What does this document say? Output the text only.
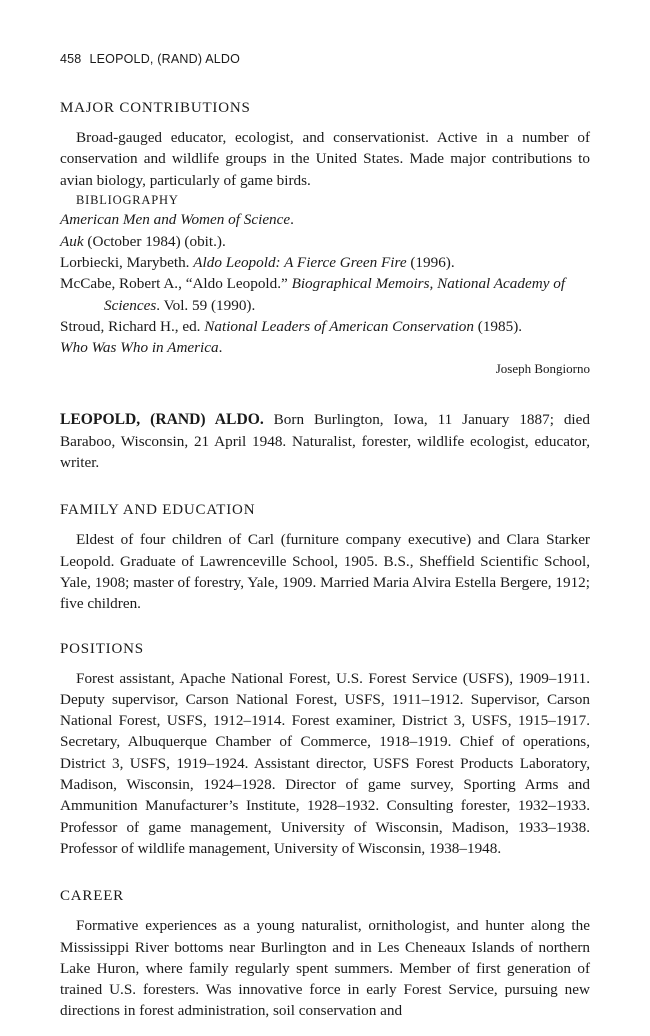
458 LEOPOLD, (RAND) ALDO
MAJOR CONTRIBUTIONS

Broad-gauged educator, ecologist, and conservationist. Active in a number of conservation and wildlife groups in the United States. Made major contributions to avian biology, particularly of game birds.

BIBLIOGRAPHY

American Men and Women of Science.

Auk (October 1984) (obit.).

Lorbiecki, Marybeth. Aldo Leopold: A Fierce Green Fire (1996).

McCabe, Robert A., “Aldo Leopold.” Biographical Memoirs, National Academy of Sciences. Vol. 59 (1990).

Stroud, Richard H., ed. National Leaders of American Conservation (1985).

Who Was Who in America.

Joseph Bongiorno

LEOPOLD, (RAND) ALDO. Born Burlington, Iowa, 11 January 1887; died Baraboo, Wisconsin, 21 April 1948. Naturalist, forester, wildlife ecologist, educator, writer.

FAMILY AND EDUCATION

Eldest of four children of Carl (furniture company executive) and Clara Starker Leopold. Graduate of Lawrenceville School, 1905. B.S., Sheffield Scientific School, Yale, 1908; master of forestry, Yale, 1909. Married Maria Alvira Estella Bergere, 1912; five children.

POSITIONS

Forest assistant, Apache National Forest, U.S. Forest Service (USFS), 1909–1911. Deputy supervisor, Carson National Forest, USFS, 1911–1912. Supervisor, Carson National Forest, USFS, 1912–1914. Forest examiner, District 3, USFS, 1915–1917. Secretary, Albuquerque Chamber of Commerce, 1918–1919. Chief of operations, District 3, USFS, 1919–1924. Assistant director, USFS Forest Products Laboratory, Madison, Wisconsin, 1924–1928. Director of game survey, Sporting Arms and Ammunition Manufacturer’s Institute, 1928–1932. Consulting forester, 1932–1933. Professor of game management, University of Wisconsin, Madison, 1933–1938. Professor of wildlife management, University of Wisconsin, 1938–1948.

CAREER

Formative experiences as a young naturalist, ornithologist, and hunter along the Mississippi River bottoms near Burlington and in Les Cheneaux Islands of northern Lake Huron, where family regularly spent summers. Member of first generation of trained U.S. foresters. Was innovative force in early Forest Service, pursuing new directions in forest administration, soil conservation and
